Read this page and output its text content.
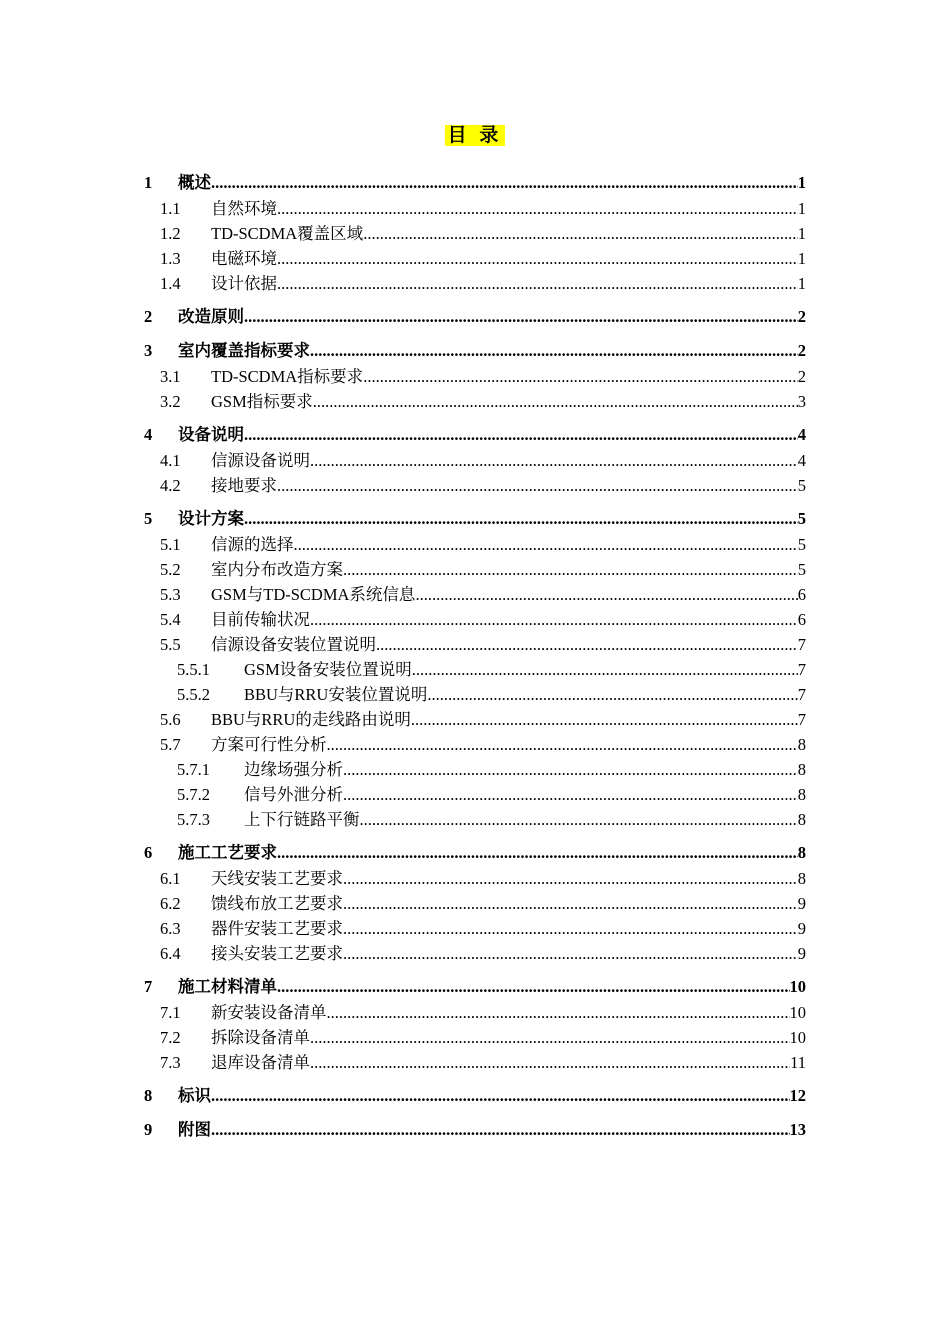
目 录
1	概述 .....	1
1.1	自然环境 .....	1
1.2	TD-SCDMA覆盖区域 .....	1
1.3	电磁环境 .....	1
1.4	设计依据 .....	1
2	改造原则 .....	2
3	室内覆盖指标要求 .....	2
3.1	TD-SCDMA指标要求 .....	2
3.2	GSM指标要求 .....	3
4	设备说明 .....	4
4.1	信源设备说明 .....	4
4.2	接地要求 .....	5
5	设计方案 .....	5
5.1	信源的选择 .....	5
5.2	室内分布改造方案 .....	5
5.3	GSM与TD-SCDMA系统信息 .....	6
5.4	目前传输状况 .....	6
5.5	信源设备安装位置说明 .....	7
5.5.1	GSM设备安装位置说明 .....	7
5.5.2	BBU与RRU安装位置说明 .....	7
5.6	BBU与RRU的走线路由说明 .....	7
5.7	方案可行性分析 .....	8
5.7.1	边缘场强分析 .....	8
5.7.2	信号外泄分析 .....	8
5.7.3	上下行链路平衡 .....	8
6	施工工艺要求 .....	8
6.1	天线安装工艺要求 .....	8
6.2	馈线布放工艺要求 .....	9
6.3	器件安装工艺要求 .....	9
6.4	接头安装工艺要求 .....	9
7	施工材料清单 .....	10
7.1	新安装设备清单 .....	10
7.2	拆除设备清单 .....	10
7.3	退库设备清单 .....	11
8	标识 .....	12
9	附图 .....	13
